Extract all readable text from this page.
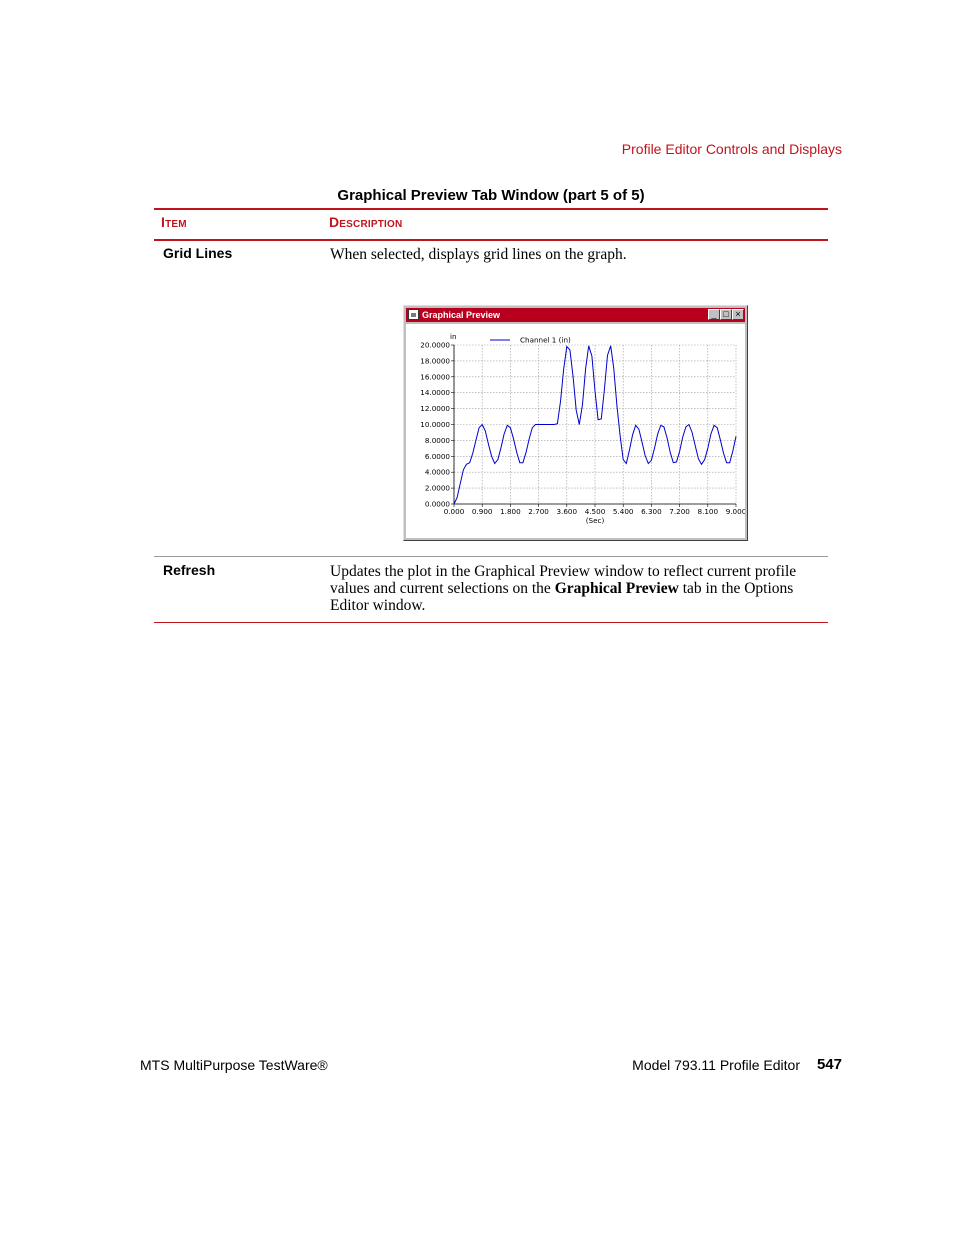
Profile Editor Controls and Displays
Graphical Preview Tab Window (part 5 of 5)
Item	Description
Grid Lines	When selected, displays grid lines on the graph.
Graphical Preview	_ □ ×
0.000 0.900 1.800 2.700 3.600 4.500 5.400 6.300 7.200 8.100 9.000
0.0000
2.0000
4.0000
6.0000
8.0000
10.0000
12.0000
14.0000
16.0000
18.0000
20.0000
in
(Sec)
Channel 1 (in)
Refresh	Updates the plot in the Graphical Preview window to reflect current profile values and current selections on the Graphical Preview tab in the Options Editor window.
MTS MultiPurpose TestWare®	Model 793.11 Profile Editor	547
